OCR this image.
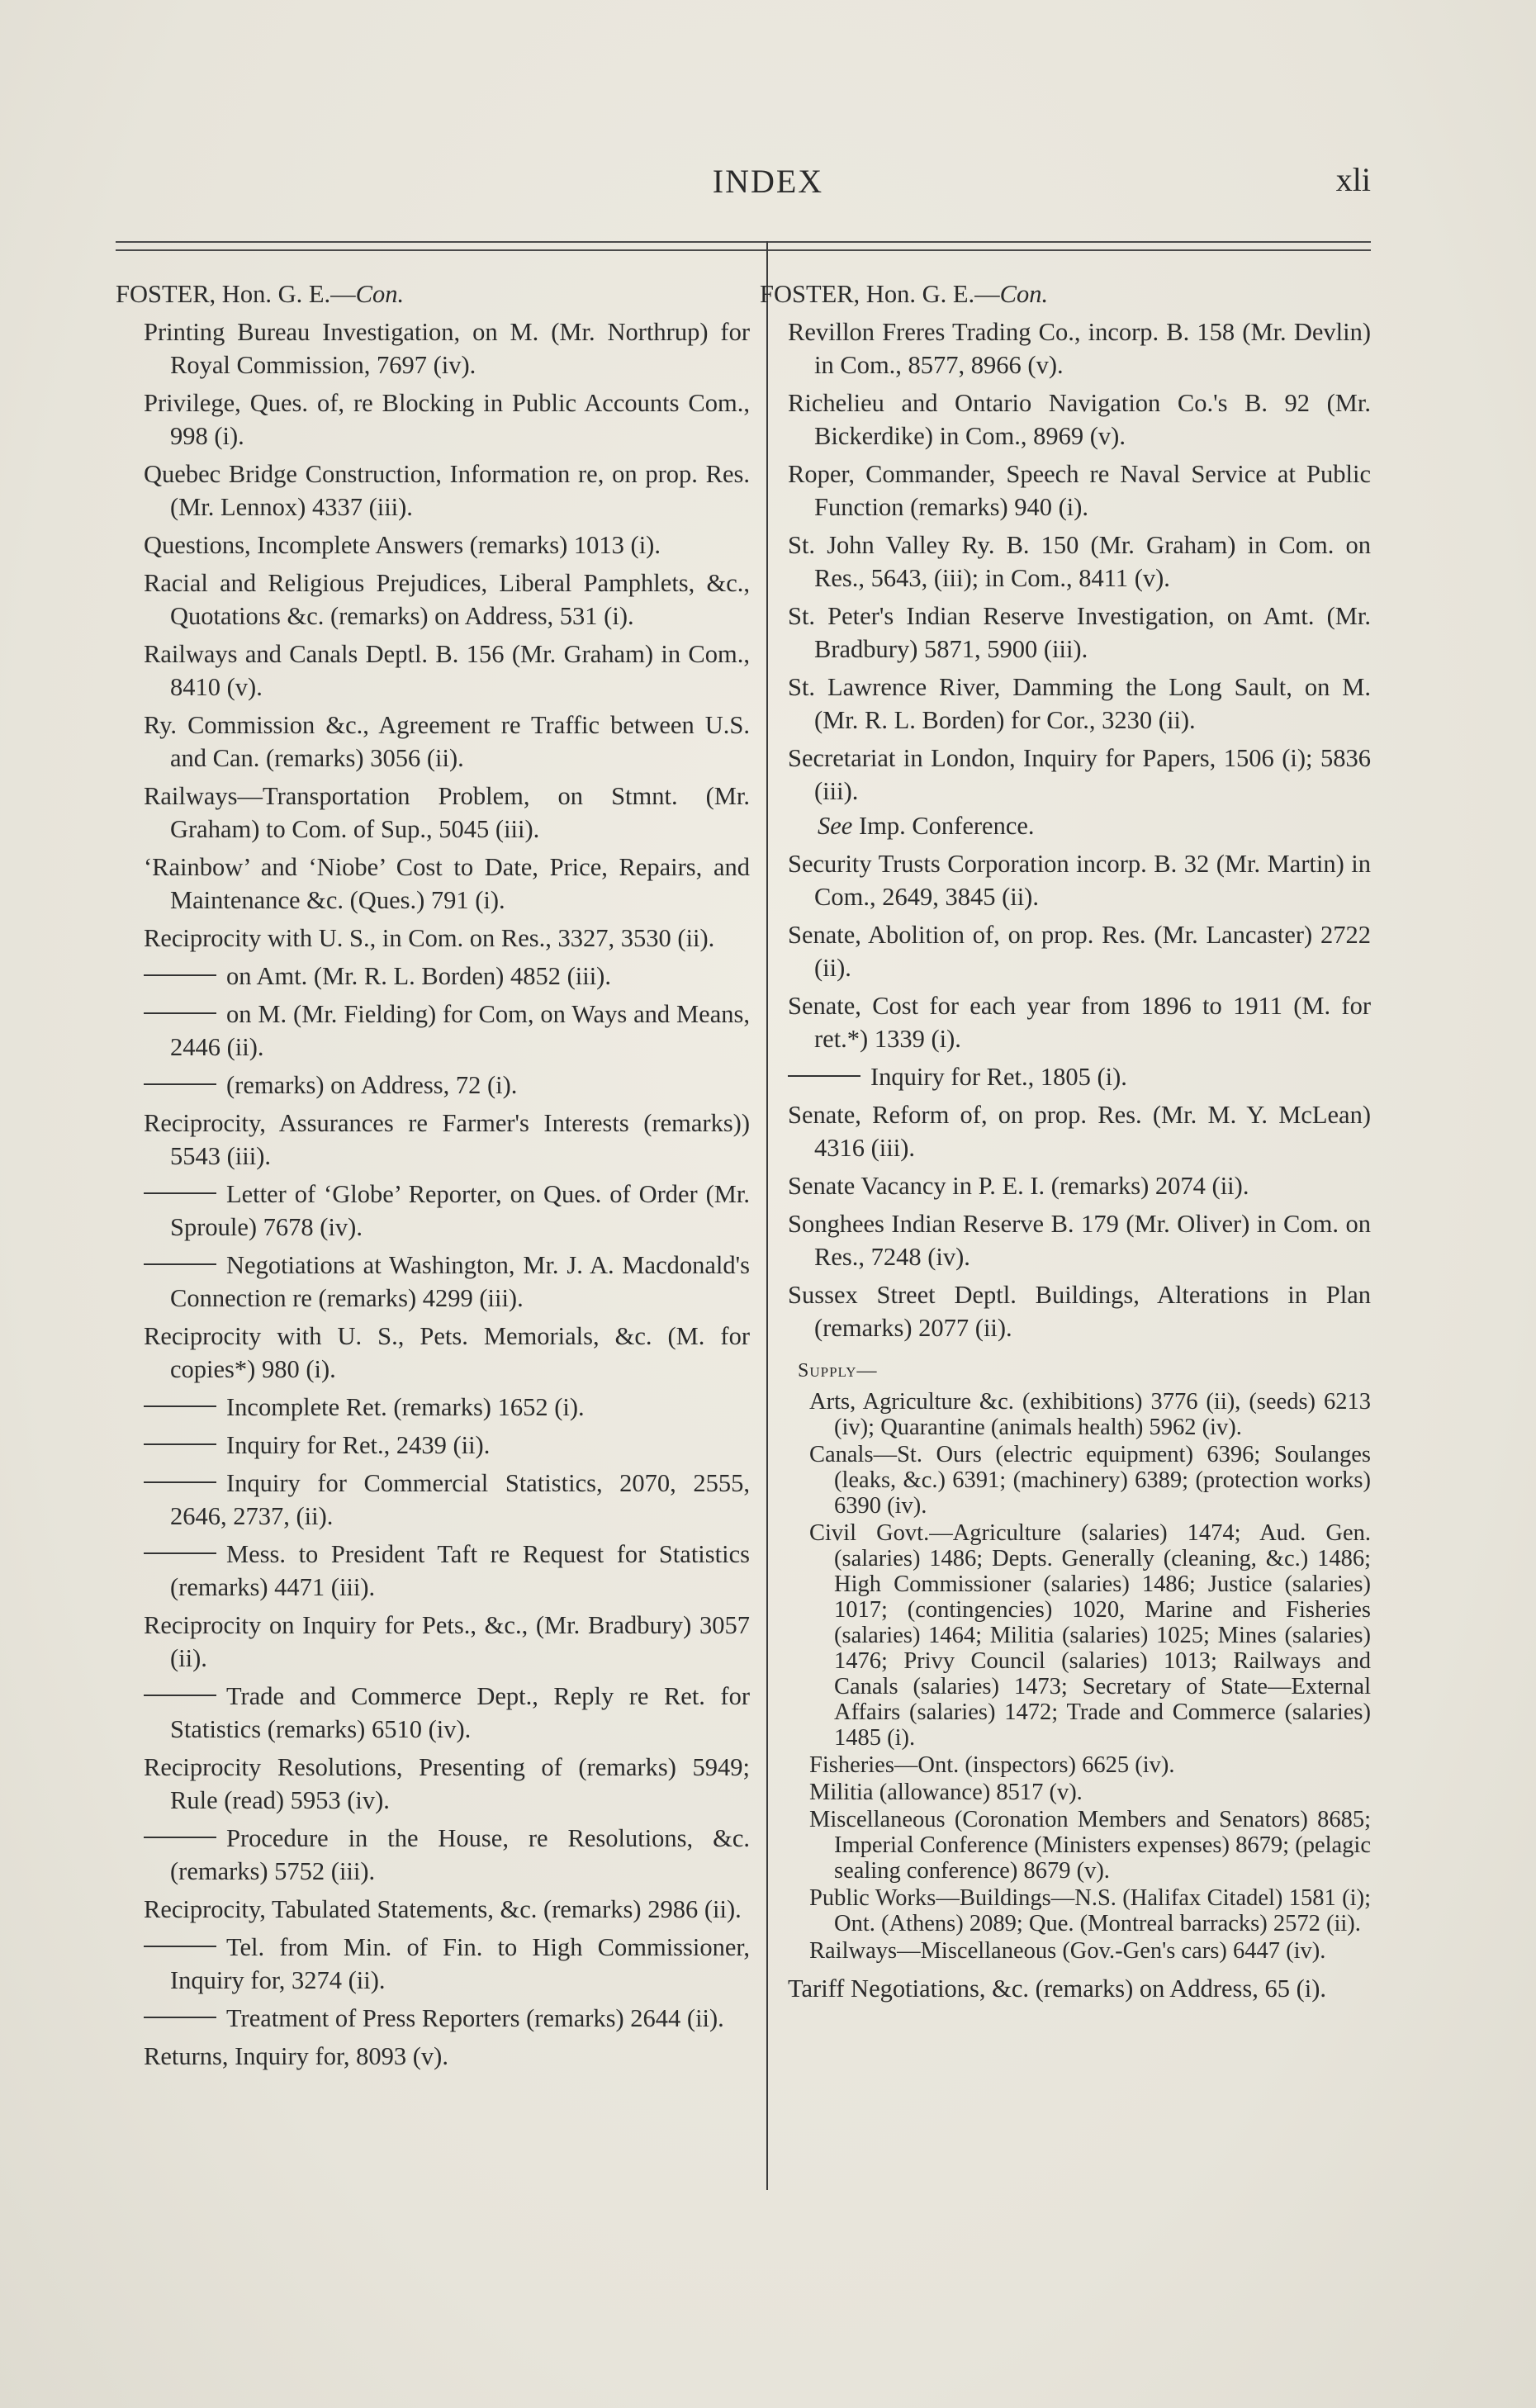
INDEX	xli
FOSTER, Hon. G. E.—Con.
Printing Bureau Investigation, on M. (Mr. Northrup) for Royal Commission, 7697 (iv).
Privilege, Ques. of, re Blocking in Public Accounts Com., 998 (i).
Quebec Bridge Construction, Information re, on prop. Res. (Mr. Lennox) 4337 (iii).
Questions, Incomplete Answers (remarks) 1013 (i).
Racial and Religious Prejudices, Liberal Pamphlets, &c., Quotations &c. (remarks) on Address, 531 (i).
Railways and Canals Deptl. B. 156 (Mr. Graham) in Com., 8410 (v).
Ry. Commission &c., Agreement re Traffic between U.S. and Can. (remarks) 3056 (ii).
Railways—Transportation Problem, on Stmnt. (Mr. Graham) to Com. of Sup., 5045 (iii).
‘Rainbow’ and ‘Niobe’ Cost to Date, Price, Repairs, and Maintenance &c. (Ques.) 791 (i).
Reciprocity with U. S., in Com. on Res., 3327, 3530 (ii).
on Amt. (Mr. R. L. Borden) 4852 (iii).
on M. (Mr. Fielding) for Com, on Ways and Means, 2446 (ii).
(remarks) on Address, 72 (i).
Reciprocity, Assurances re Farmer's Interests (remarks)) 5543 (iii).
Letter of ‘Globe’ Reporter, on Ques. of Order (Mr. Sproule) 7678 (iv).
Negotiations at Washington, Mr. J. A. Macdonald's Connection re (remarks) 4299 (iii).
Reciprocity with U. S., Pets. Memorials, &c. (M. for copies*) 980 (i).
Incomplete Ret. (remarks) 1652 (i).
Inquiry for Ret., 2439 (ii).
Inquiry for Commercial Statistics, 2070, 2555, 2646, 2737, (ii).
Mess. to President Taft re Request for Statistics (remarks) 4471 (iii).
Reciprocity on Inquiry for Pets., &c., (Mr. Bradbury) 3057 (ii).
Trade and Commerce Dept., Reply re Ret. for Statistics (remarks) 6510 (iv).
Reciprocity Resolutions, Presenting of (remarks) 5949; Rule (read) 5953 (iv).
Procedure in the House, re Resolutions, &c. (remarks) 5752 (iii).
Reciprocity, Tabulated Statements, &c. (remarks) 2986 (ii).
Tel. from Min. of Fin. to High Commissioner, Inquiry for, 3274 (ii).
Treatment of Press Reporters (remarks) 2644 (ii).
Returns, Inquiry for, 8093 (v).
FOSTER, Hon. G. E.—Con.
Revillon Freres Trading Co., incorp. B. 158 (Mr. Devlin) in Com., 8577, 8966 (v).
Richelieu and Ontario Navigation Co.'s B. 92 (Mr. Bickerdike) in Com., 8969 (v).
Roper, Commander, Speech re Naval Service at Public Function (remarks) 940 (i).
St. John Valley Ry. B. 150 (Mr. Graham) in Com. on Res., 5643, (iii); in Com., 8411 (v).
St. Peter's Indian Reserve Investigation, on Amt. (Mr. Bradbury) 5871, 5900 (iii).
St. Lawrence River, Damming the Long Sault, on M. (Mr. R. L. Borden) for Cor., 3230 (ii).
Secretariat in London, Inquiry for Papers, 1506 (i); 5836 (iii).
See Imp. Conference.
Security Trusts Corporation incorp. B. 32 (Mr. Martin) in Com., 2649, 3845 (ii).
Senate, Abolition of, on prop. Res. (Mr. Lancaster) 2722 (ii).
Senate, Cost for each year from 1896 to 1911 (M. for ret.*) 1339 (i).
Inquiry for Ret., 1805 (i).
Senate, Reform of, on prop. Res. (Mr. M. Y. McLean) 4316 (iii).
Senate Vacancy in P. E. I. (remarks) 2074 (ii).
Songhees Indian Reserve B. 179 (Mr. Oliver) in Com. on Res., 7248 (iv).
Sussex Street Deptl. Buildings, Alterations in Plan (remarks) 2077 (ii).
Supply—
Arts, Agriculture &c. (exhibitions) 3776 (ii), (seeds) 6213 (iv); Quarantine (animals health) 5962 (iv).
Canals—St. Ours (electric equipment) 6396; Soulanges (leaks, &c.) 6391; (machinery) 6389; (protection works) 6390 (iv).
Civil Govt.—Agriculture (salaries) 1474; Aud. Gen. (salaries) 1486; Depts. Generally (cleaning, &c.) 1486; High Commissioner (salaries) 1486; Justice (salaries) 1017; (contingencies) 1020, Marine and Fisheries (salaries) 1464; Militia (salaries) 1025; Mines (salaries) 1476; Privy Council (salaries) 1013; Railways and Canals (salaries) 1473; Secretary of State—External Affairs (salaries) 1472; Trade and Commerce (salaries) 1485 (i).
Fisheries—Ont. (inspectors) 6625 (iv).
Militia (allowance) 8517 (v).
Miscellaneous (Coronation Members and Senators) 8685; Imperial Conference (Ministers expenses) 8679; (pelagic sealing conference) 8679 (v).
Public Works—Buildings—N.S. (Halifax Citadel) 1581 (i); Ont. (Athens) 2089; Que. (Montreal barracks) 2572 (ii).
Railways—Miscellaneous (Gov.-Gen's cars) 6447 (iv).
Tariff Negotiations, &c. (remarks) on Address, 65 (i).
